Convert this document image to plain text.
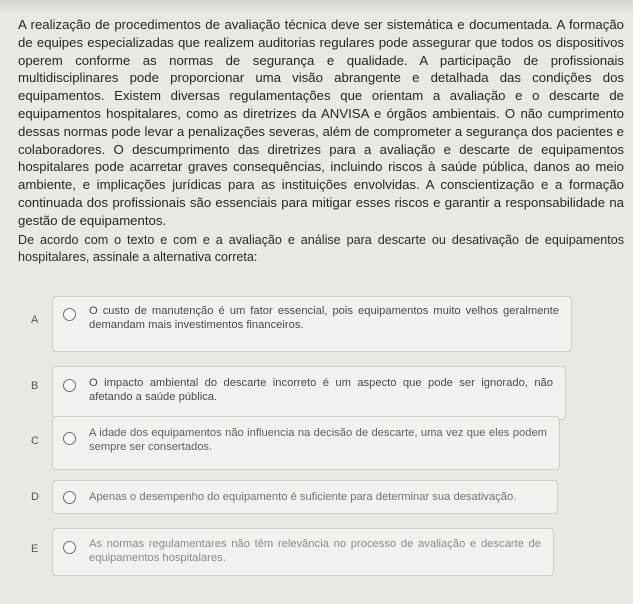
A realização de procedimentos de avaliação técnica deve ser sistemática e documentada. A formação de equipes especializadas que realizem auditorias regulares pode assegurar que todos os dispositivos operem conforme as normas de segurança e qualidade. A participação de profissionais multidisciplinares pode proporcionar uma visão abrangente e detalhada das condições dos equipamentos. Existem diversas regulamentações que orientam a avaliação e o descarte de equipamentos hospitalares, como as diretrizes da ANVISA e órgãos ambientais. O não cumprimento dessas normas pode levar a penalizações severas, além de comprometer a segurança dos pacientes e colaboradores. O descumprimento das diretrizes para a avaliação e descarte de equipamentos hospitalares pode acarretar graves consequências, incluindo riscos à saúde pública, danos ao meio ambiente, e implicações jurídicas para as instituições envolvidas. A conscientização e a formação continuada dos profissionais são essenciais para mitigar esses riscos e garantir a responsabilidade na gestão de equipamentos.

De acordo com o texto e com e a avaliação e análise para descarte ou desativação de equipamentos hospitalares, assinale a alternativa correta:

A
O custo de manutenção é um fator essencial, pois equipamentos muito velhos geralmente demandam mais investimentos financeiros.
B	O impacto ambiental do descarte incorreto é um aspecto que pode ser ignorado, não afetando a saúde pública.
C
A idade dos equipamentos não influencia na decisão de descarte, uma vez que eles podem sempre ser consertados.
D	Apenas o desempenho do equipamento é suficiente para determinar sua desativação.
E	As normas regulamentares não têm relevância no processo de avaliação e descarte de equipamentos hospitalares.
